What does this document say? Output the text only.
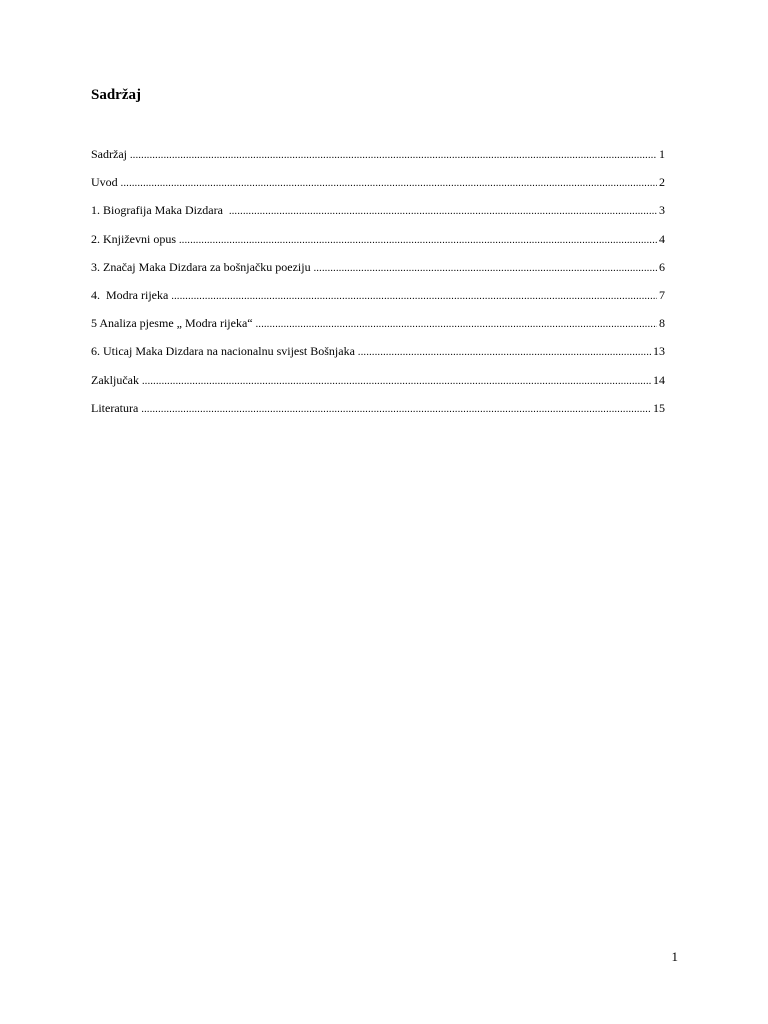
Sadržaj
Sadržaj .....	1
Uvod .....	2
1. Biografija Maka Dizdara .....	3
2. Književni opus .....	4
3. Značaj Maka Dizdara za bošnjačku poeziju .....	6
4.  Modra rijeka .....	7
5 Analiza pjesme „ Modra rijeka“ .....	8
6. Uticaj Maka Dizdara na nacionalnu svijest Bošnjaka .....	13
Zaključak .....	14
Literatura .....	15
1
